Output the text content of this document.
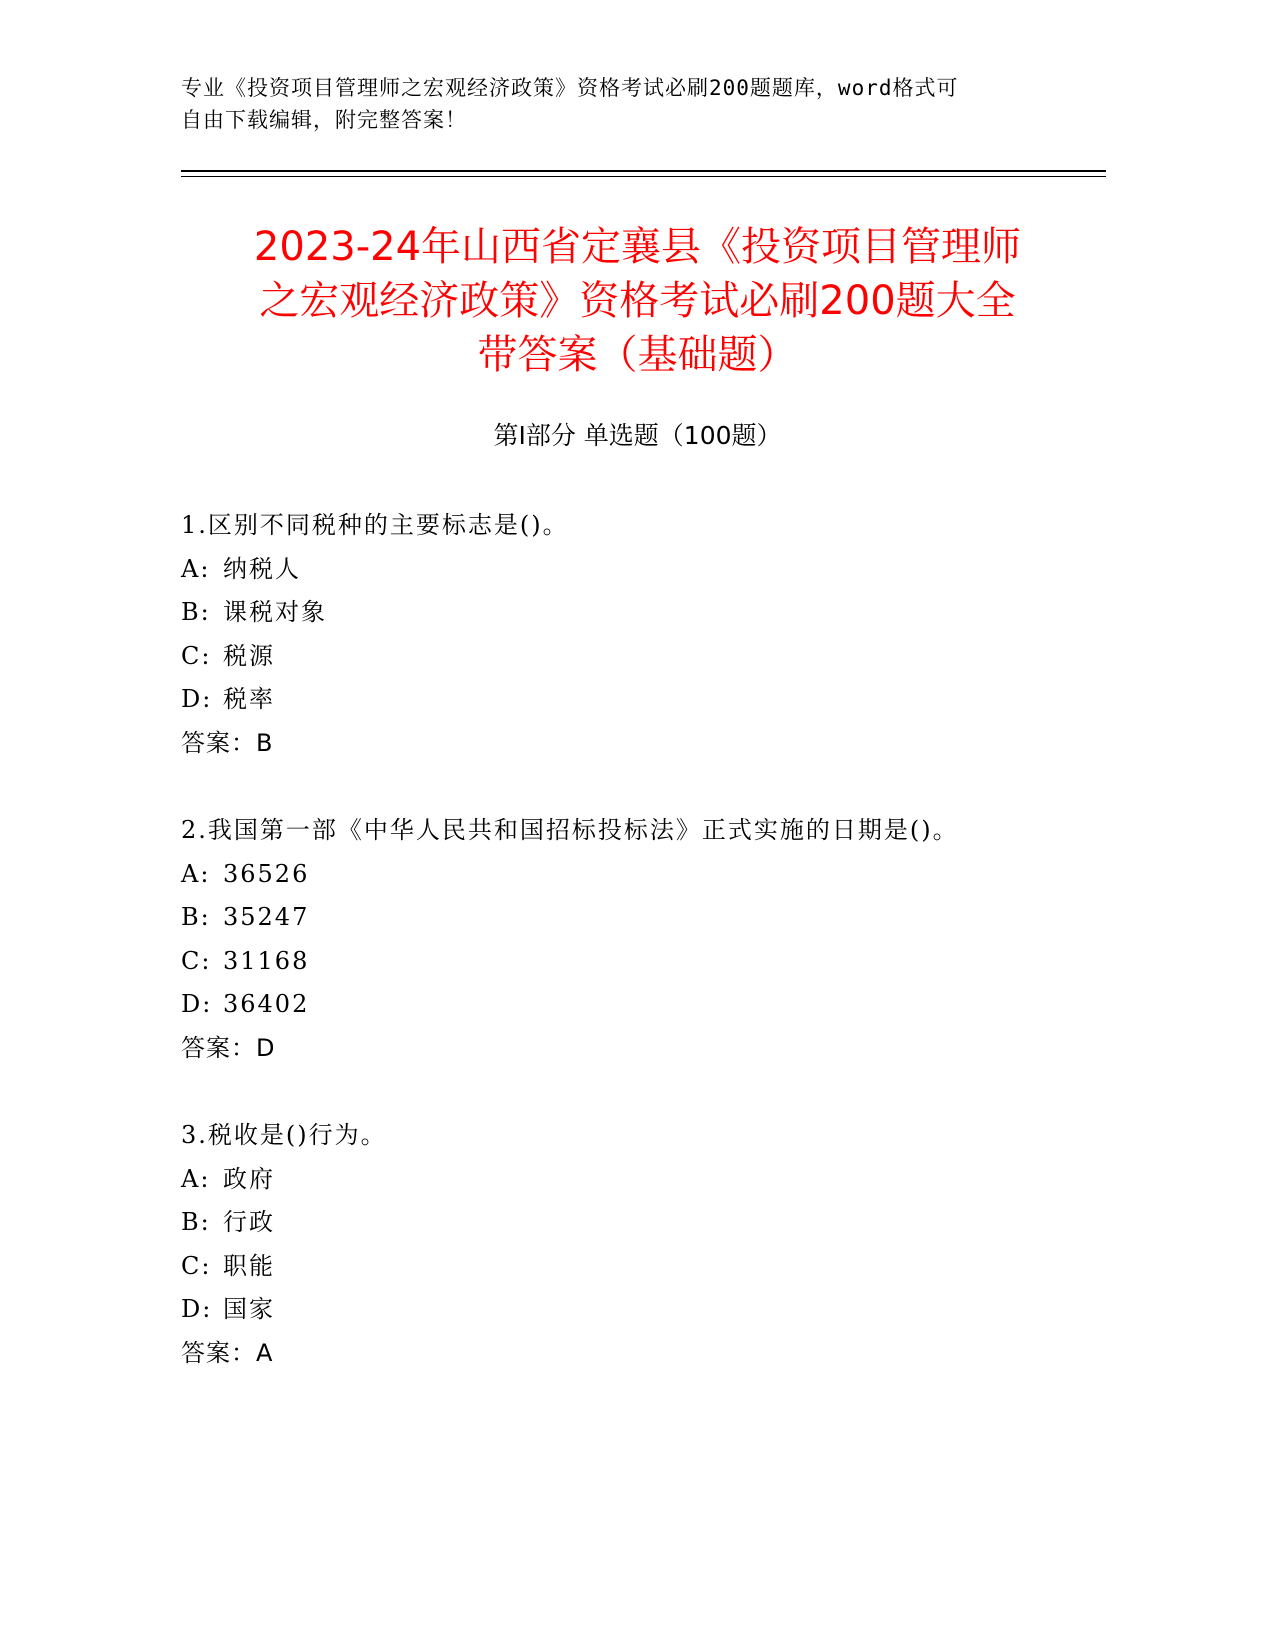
专业《投资项目管理师之宏观经济政策》资格考试必刷200题题库，word格式可
自由下载编辑，附完整答案！
2023-24年山西省定襄县《投资项目管理师
之宏观经济政策》资格考试必刷200题大全
带答案（基础题）
第Ⅰ部分 单选题（100题）
1.区别不同税种的主要标志是()。
A: 纳税人
B: 课税对象
C: 税源
D: 税率
答案：B
2.我国第一部《中华人民共和国招标投标法》正式实施的日期是()。
A: 36526
B: 35247
C: 31168
D: 36402
答案：D
3.税收是()行为。
A: 政府
B: 行政
C: 职能
D: 国家
答案：A
